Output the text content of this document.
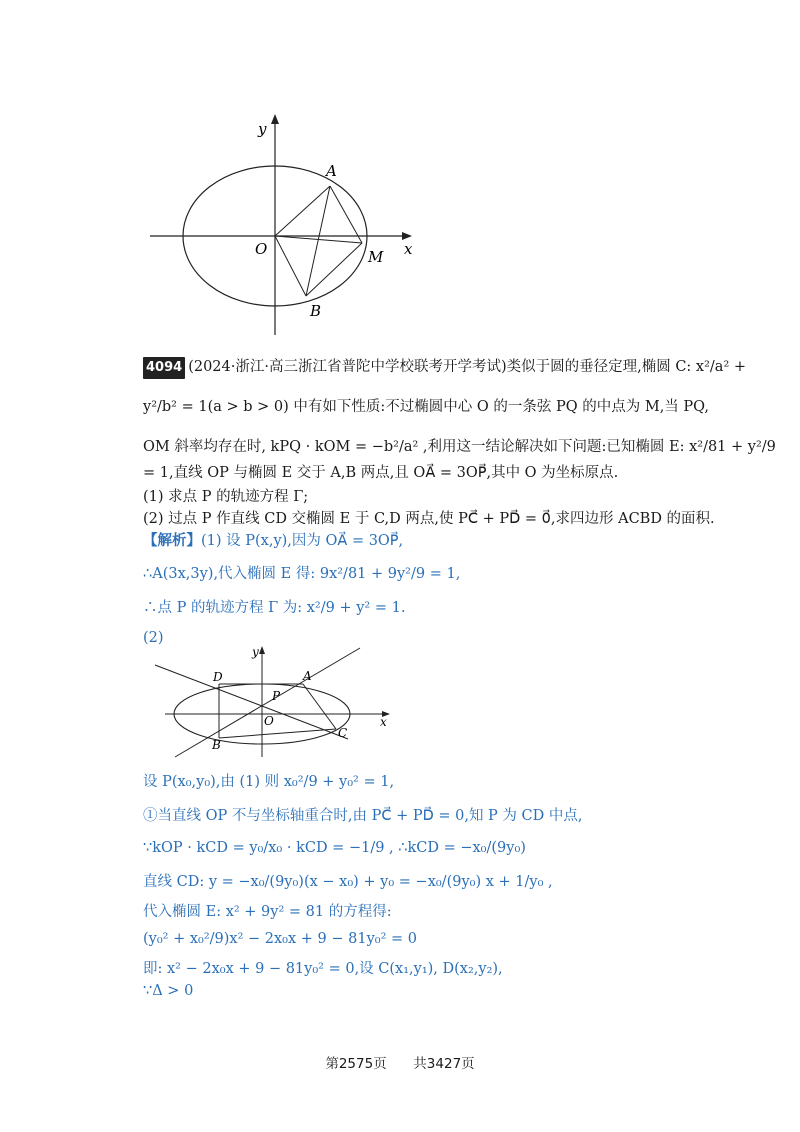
y
x
A
O	M
B
4094 (2024·浙江·高三浙江省普陀中学校联考开学考试)类似于圆的垂径定理,椭圆 C: x²/a² +
y²/b² = 1(a > b > 0) 中有如下性质:不过椭圆中心 O 的一条弦 PQ 的中点为 M,当 PQ,
OM 斜率均存在时, kPQ · kOM = −b²/a² ,利用这一结论解决如下问题:已知椭圆 E: x²/81 + y²/9
= 1,直线 OP 与椭圆 E 交于 A,B 两点,且 OA⃗ = 3OP⃗,其中 O 为坐标原点.
(1) 求点 P 的轨迹方程 Γ;
(2) 过点 P 作直线 CD 交椭圆 E 于 C,D 两点,使 PC⃗ + PD⃗ = 0⃗,求四边形 ACBD 的面积.
【解析】(1) 设 P(x,y),因为 OA⃗ = 3OP⃗,
∴A(3x,3y),代入椭圆 E 得: 9x²/81 + 9y²/9 = 1,
∴点 P 的轨迹方程 Γ 为: x²/9 + y² = 1.
(2)
y
x
A
B
C
D
O
P
设 P(x₀,y₀),由 (1) 则 x₀²/9 + y₀² = 1,
①当直线 OP 不与坐标轴重合时,由 PC⃗ + PD⃗ = 0,知 P 为 CD 中点,
∵kOP · kCD = y₀/x₀ · kCD = −1/9 , ∴kCD = −x₀/(9y₀)
直线 CD: y = −x₀/(9y₀)(x − x₀) + y₀ = −x₀/(9y₀) x + 1/y₀ ,
代入椭圆 E: x² + 9y² = 81 的方程得:
(y₀² + x₀²/9)x² − 2x₀x + 9 − 81y₀² = 0
即: x² − 2x₀x + 9 − 81y₀² = 0,设 C(x₁,y₁), D(x₂,y₂),
∵Δ > 0
第2575页 共3427页
